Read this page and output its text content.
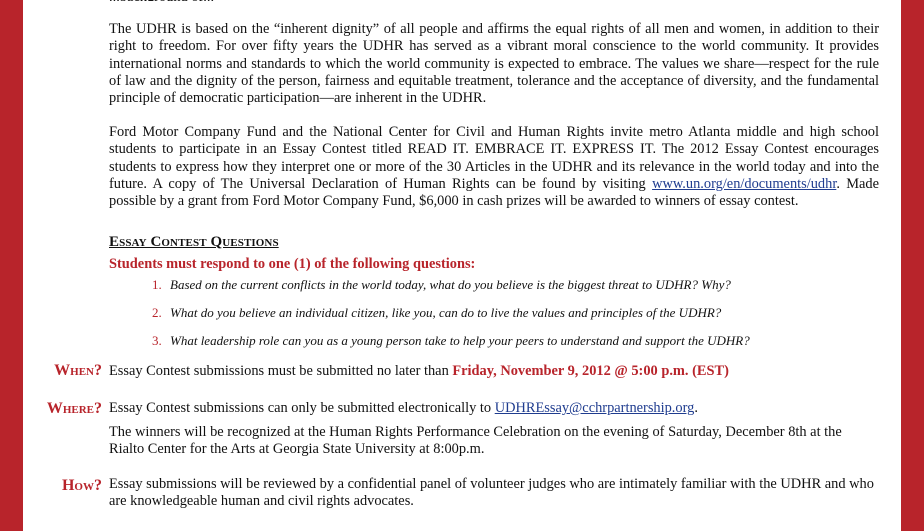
The UDHR is based on the “inherent dignity” of all people and affirms the equal rights of all men and women, in addition to their right to freedom. For over fifty years the UDHR has served as a vibrant moral conscience to the world community. It provides international norms and standards to which the world community is expected to embrace. The values we share—respect for the rule of law and the dignity of the person, fairness and equitable treatment, tolerance and the acceptance of diversity, and the fundamental principle of democratic participation—are inherent in the UDHR.

Ford Motor Company Fund and the National Center for Civil and Human Rights invite metro Atlanta middle and high school students to participate in an Essay Contest titled READ IT. EMBRACE IT. EXPRESS IT. The 2012 Essay Contest encourages students to express how they interpret one or more of the 30 Articles in the UDHR and its relevance in the world today and into the future. A copy of The Universal Declaration of Human Rights can be found by visiting www.un.org/en/documents/udhr. Made possible by a grant from Ford Motor Company Fund, $6,000 in cash prizes will be awarded to winners of essay contest.

Essay Contest Questions
Students must respond to one (1) of the following questions:
1. Based on the current conflicts in the world today, what do you believe is the biggest threat to UDHR? Why?
2. What do you believe an individual citizen, like you, can do to live the values and principles of the UDHR?
3. What leadership role can you as a young person take to help your peers to understand and support the UDHR?

Essay Contest submissions must be submitted no later than Friday, November 9, 2012 @ 5:00 p.m. (EST)

Essay Contest submissions can only be submitted electronically to UDHREssay@cchrpartnership.org.

The winners will be recognized at the Human Rights Performance Celebration on the evening of Saturday, December 8th at the Rialto Center for the Arts at Georgia State University at 8:00p.m.

Essay submissions will be reviewed by a confidential panel of volunteer judges who are intimately familiar with the UDHR and who are knowledgeable human and civil rights advocates.

When?
Where?
How?
